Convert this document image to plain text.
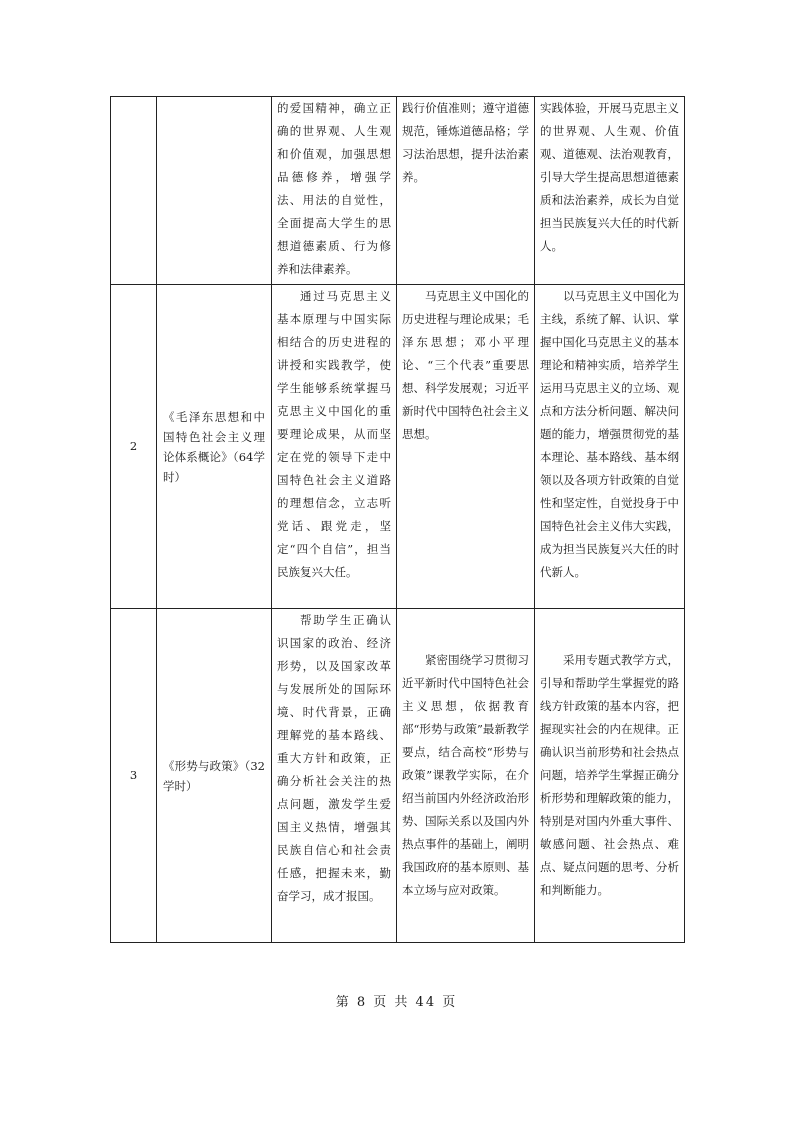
		的爱国精神，确立正确的世界观、人生观和价值观，加强思想品德修养，增强学法、用法的自觉性，全面提高大学生的思想道德素质、行为修养和法律素养。	践行价值准则；遵守道德规范，锤炼道德品格；学习法治思想，提升法治素养。	实践体验，开展马克思主义的世界观、人生观、价值观、道德观、法治观教育，引导大学生提高思想道德素质和法治素养，成长为自觉担当民族复兴大任的时代新人。
2	《毛泽东思想和中国特色社会主义理论体系概论》（64学时）	通过马克思主义基本原理与中国实际相结合的历史进程的讲授和实践教学，使学生能够系统掌握马克思主义中国化的重要理论成果，从而坚定在党的领导下走中国特色社会主义道路的理想信念，立志听党话、跟党走，坚定“四个自信”，担当民族复兴大任。	马克思主义中国化的历史进程与理论成果；毛泽东思想；邓小平理论、“三个代表”重要思想、科学发展观；习近平新时代中国特色社会主义思想。	以马克思主义中国化为主线，系统了解、认识、掌握中国化马克思主义的基本理论和精神实质，培养学生运用马克思主义的立场、观点和方法分析问题、解决问题的能力，增强贯彻党的基本理论、基本路线、基本纲领以及各项方针政策的自觉性和坚定性，自觉投身于中国特色社会主义伟大实践，成为担当民族复兴大任的时代新人。
3	《形势与政策》（32学时）	帮助学生正确认识国家的政治、经济形势，以及国家改革与发展所处的国际环境、时代背景，正确理解党的基本路线、重大方针和政策，正确分析社会关注的热点问题，激发学生爱国主义热情，增强其民族自信心和社会责任感，把握未来，勤奋学习，成才报国。	紧密围绕学习贯彻习近平新时代中国特色社会主义思想，依据教育部“形势与政策”最新教学要点，结合高校“形势与政策”课教学实际，在介绍当前国内外经济政治形势、国际关系以及国内外热点事件的基础上，阐明我国政府的基本原则、基本立场与应对政策。	采用专题式教学方式，引导和帮助学生掌握党的路线方针政策的基本内容，把握现实社会的内在规律。正确认识当前形势和社会热点问题，培养学生掌握正确分析形势和理解政策的能力，特别是对国内外重大事件、敏感问题、社会热点、难点、疑点问题的思考、分析和判断能力。
第 8 页 共 44 页
